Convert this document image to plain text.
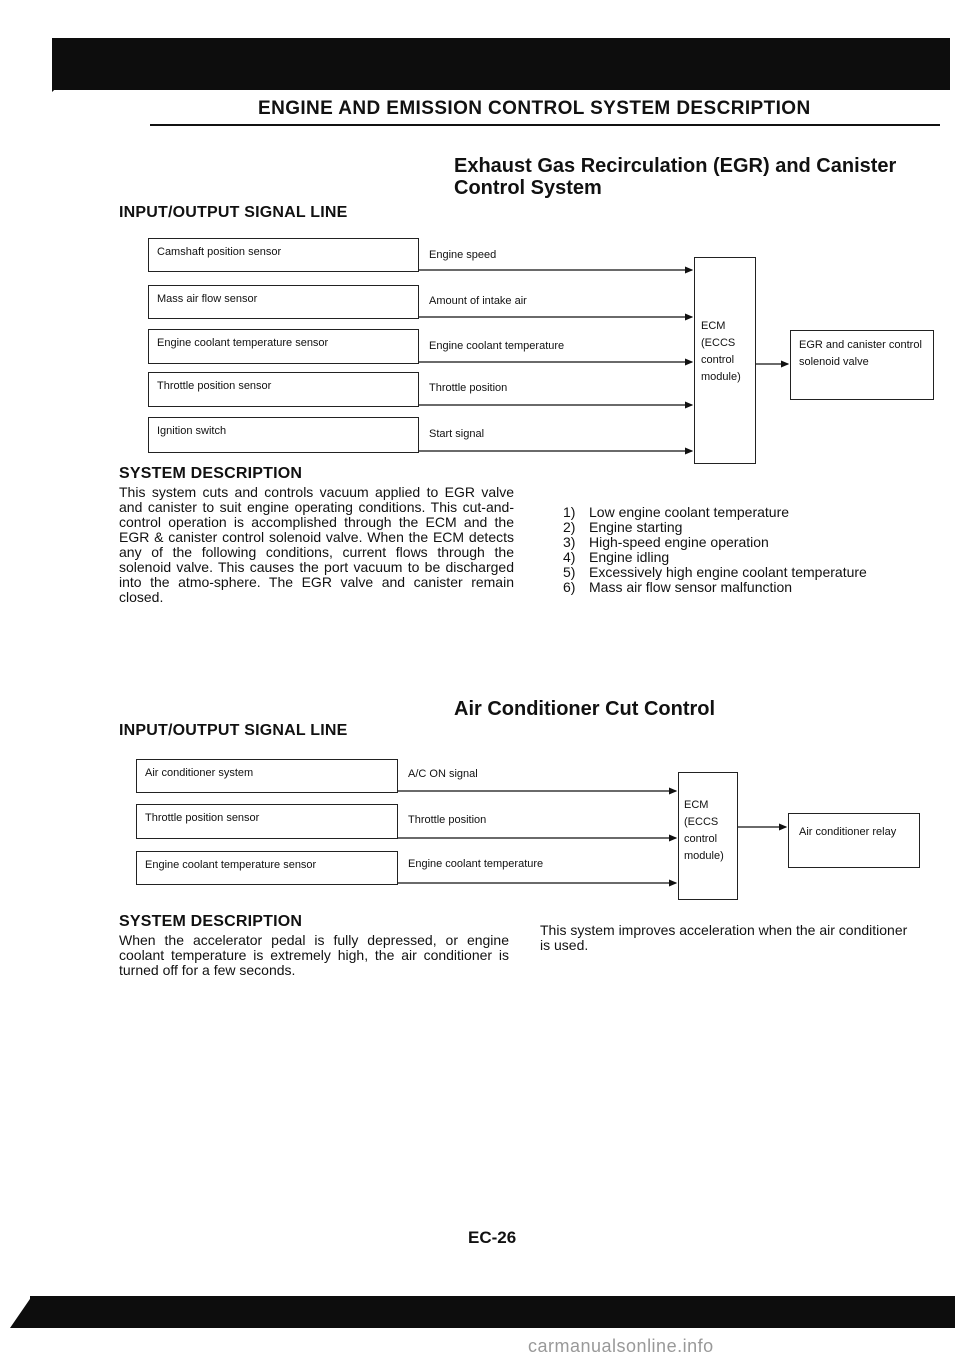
ENGINE AND EMISSION CONTROL SYSTEM DESCRIPTION
Exhaust Gas Recirculation (EGR) and Canister Control System
INPUT/OUTPUT SIGNAL LINE
Camshaft position sensor
Mass air flow sensor
Engine coolant temperature sensor
Throttle position sensor
Ignition switch
Engine speed
Amount of intake air
Engine coolant temperature
Throttle position
Start signal
ECM (ECCS control module)
EGR and canister control solenoid valve
SYSTEM DESCRIPTION
This system cuts and controls vacuum applied to EGR valve and canister to suit engine operating conditions. This cut-and-control operation is accomplished through the ECM and the EGR & canister control solenoid valve. When the ECM detects any of the following conditions, current flows through the solenoid valve. This causes the port vacuum to be discharged into the atmo-sphere. The EGR valve and canister remain closed.
1) Low engine coolant temperature
2) Engine starting
3) High-speed engine operation
4) Engine idling
5) Excessively high engine coolant temperature
6) Mass air flow sensor malfunction
Air Conditioner Cut Control
INPUT/OUTPUT SIGNAL LINE
Air conditioner system
Throttle position sensor
Engine coolant temperature sensor
A/C ON signal
Throttle position
Engine coolant temperature
ECM (ECCS control module)
Air conditioner relay
SYSTEM DESCRIPTION
When the accelerator pedal is fully depressed, or engine coolant temperature is extremely high, the air conditioner is turned off for a few seconds.
This system improves acceleration when the air conditioner is used.
EC-26
carmanualsonline.info
